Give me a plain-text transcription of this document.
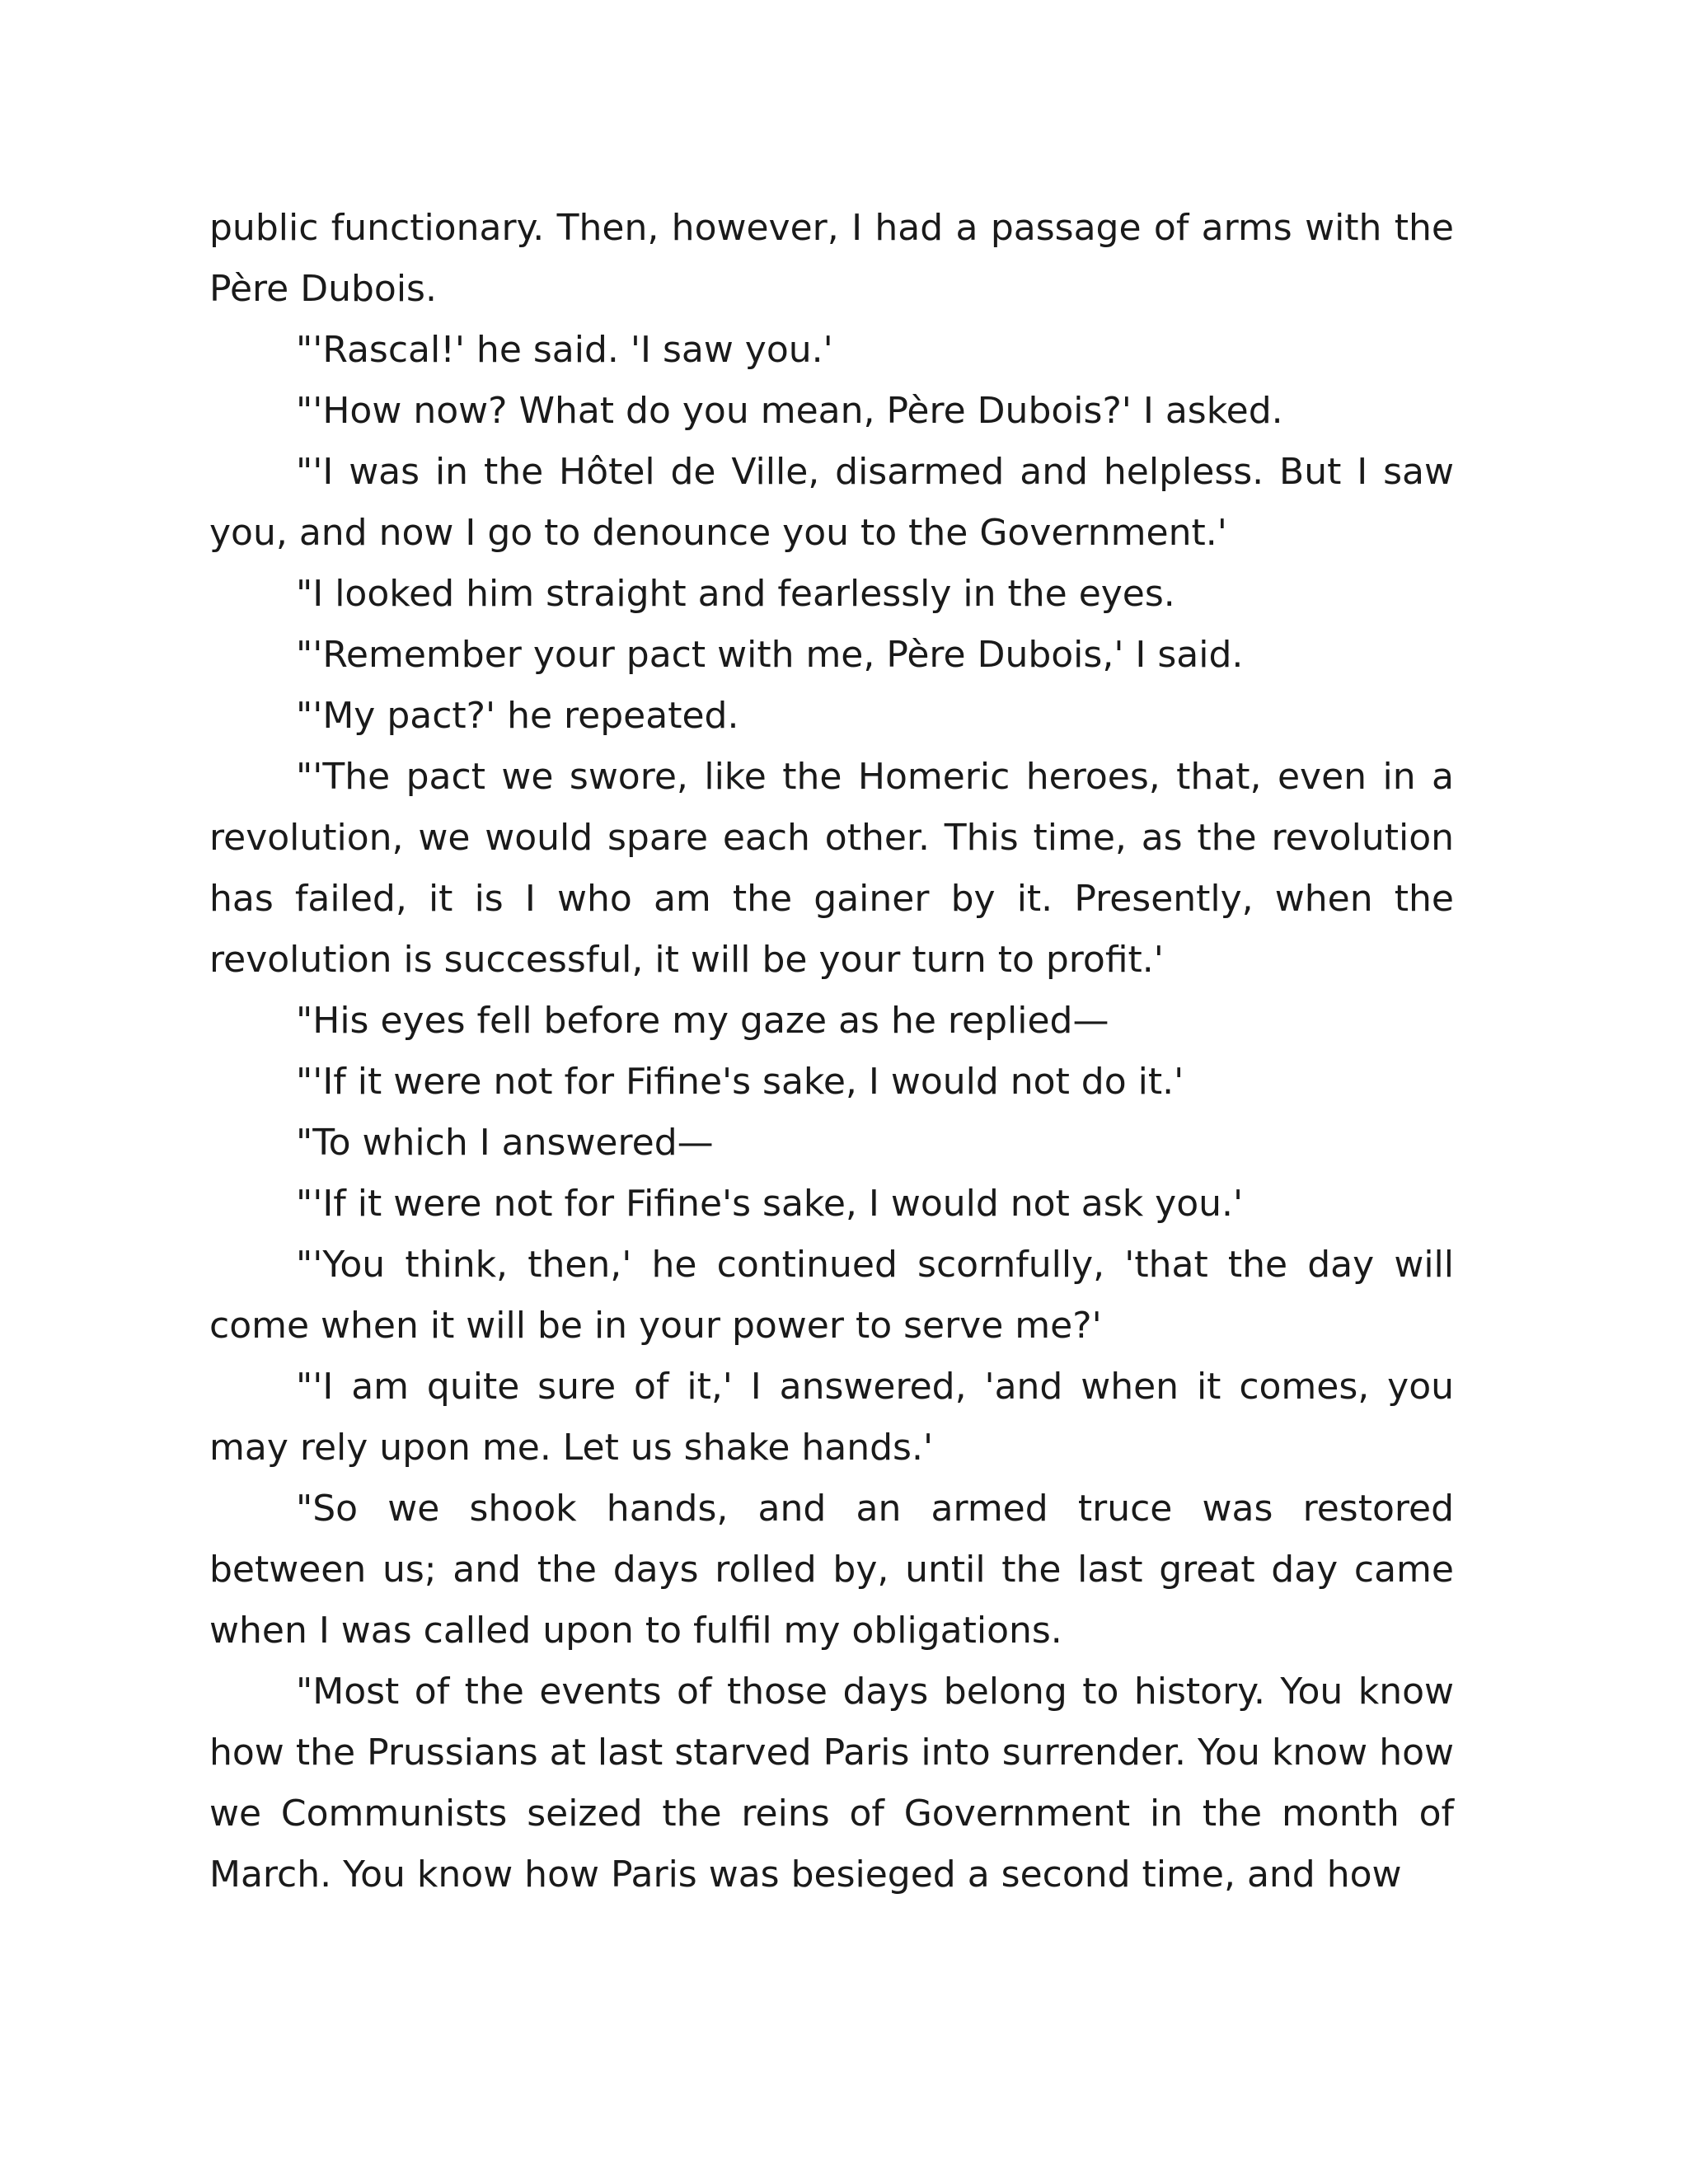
public functionary. Then, however, I had a passage of arms with the Père Dubois.

"'Rascal!' he said. 'I saw you.'

"'How now? What do you mean, Père Dubois?' I asked.

"'I was in the Hôtel de Ville, disarmed and helpless. But I saw you, and now I go to denounce you to the Government.'

"I looked him straight and fearlessly in the eyes.

"'Remember your pact with me, Père Dubois,' I said.

"'My pact?' he repeated.

"'The pact we swore, like the Homeric heroes, that, even in a revolution, we would spare each other. This time, as the revolution has failed, it is I who am the gainer by it. Presently, when the revolution is successful, it will be your turn to profit.'

"His eyes fell before my gaze as he replied—

"'If it were not for Fifine's sake, I would not do it.'

"To which I answered—

"'If it were not for Fifine's sake, I would not ask you.'

"'You think, then,' he continued scornfully, 'that the day will come when it will be in your power to serve me?'

"'I am quite sure of it,' I answered, 'and when it comes, you may rely upon me. Let us shake hands.'

"So we shook hands, and an armed truce was restored between us; and the days rolled by, until the last great day came when I was called upon to fulfil my obligations.

"Most of the events of those days belong to history. You know how the Prussians at last starved Paris into surrender. You know how we Communists seized the reins of Government in the month of March. You know how Paris was besieged a second time, and how
